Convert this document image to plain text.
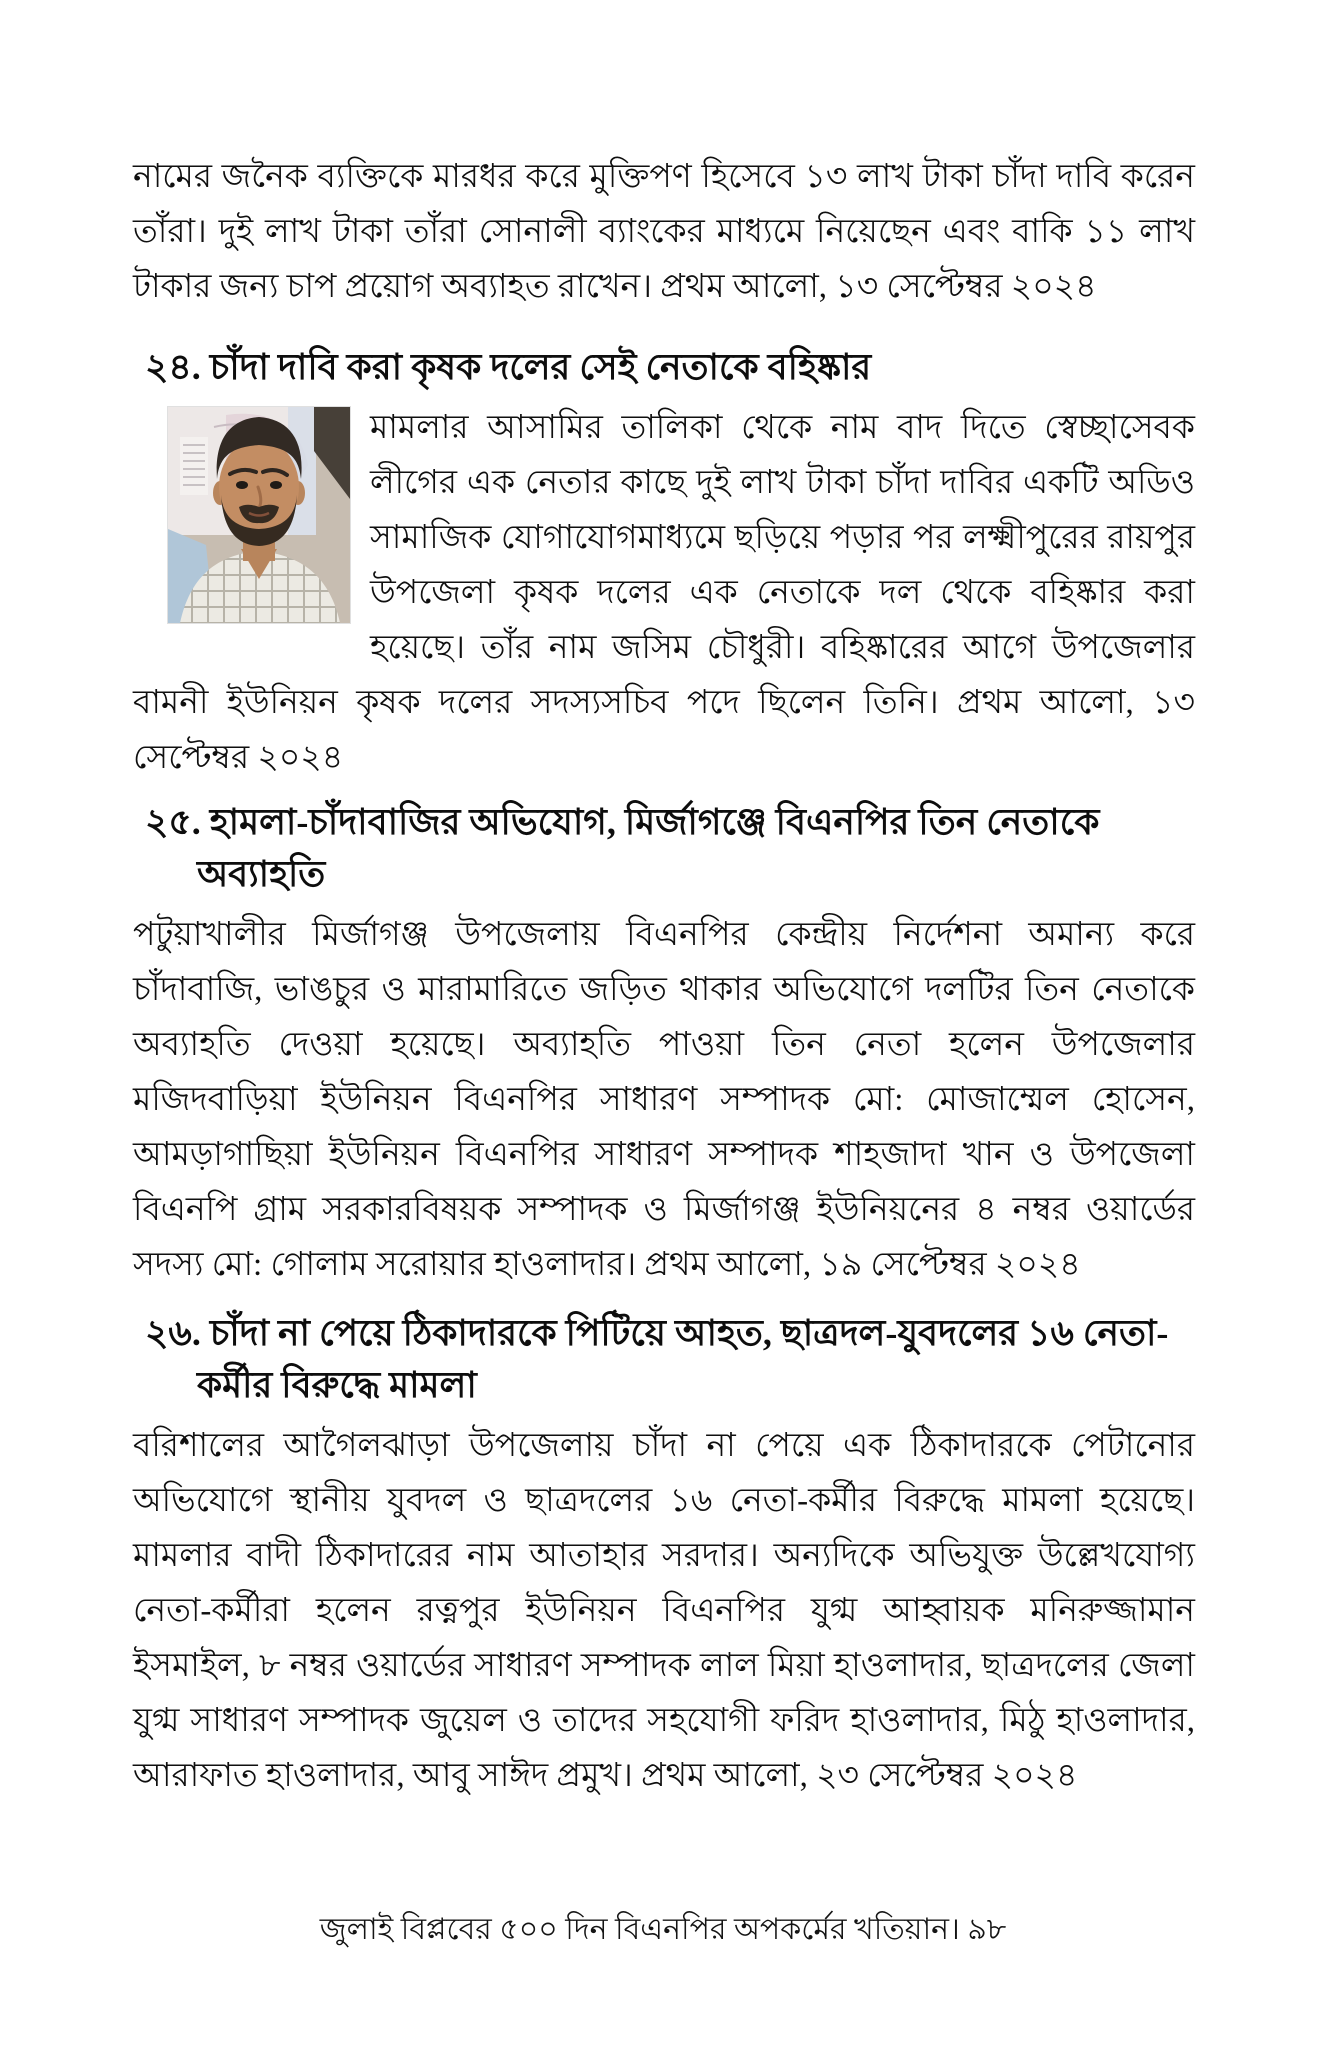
নামের জনৈক ব্যক্তিকে মারধর করে মুক্তিপণ হিসেবে ১৩ লাখ টাকা চাঁদা দাবি করেন তাঁরা। দুই লাখ টাকা তাঁরা সোনালী ব্যাংকের মাধ্যমে নিয়েছেন এবং বাকি ১১ লাখ টাকার জন্য চাপ প্রয়োগ অব্যাহত রাখেন। প্রথম আলো, ১৩ সেপ্টেম্বর ২০২৪

২৪. চাঁদা দাবি করা কৃষক দলের সেই নেতাকে বহিষ্কার
মামলার আসামির তালিকা থেকে নাম বাদ দিতে স্বেচ্ছাসেবক লীগের এক নেতার কাছে দুই লাখ টাকা চাঁদা দাবির একটি অডিও সামাজিক যোগাযোগমাধ্যমে ছড়িয়ে পড়ার পর লক্ষ্মীপুরের রায়পুর উপজেলা কৃষক দলের এক নেতাকে দল থেকে বহিষ্কার করা হয়েছে। তাঁর নাম জসিম চৌধুরী। বহিষ্কারের আগে উপজেলার বামনী ইউনিয়ন কৃষক দলের সদস্যসচিব পদে ছিলেন তিনি। প্রথম আলো, ১৩ সেপ্টেম্বর ২০২৪
২৫. হামলা-চাঁদাবাজির অভিযোগ, মির্জাগঞ্জে বিএনপির তিন নেতাকে অব্যাহতি
পটুয়াখালীর মির্জাগঞ্জ উপজেলায় বিএনপির কেন্দ্রীয় নির্দেশনা অমান্য করে চাঁদাবাজি, ভাঙচুর ও মারামারিতে জড়িত থাকার অভিযোগে দলটির তিন নেতাকে অব্যাহতি দেওয়া হয়েছে। অব্যাহতি পাওয়া তিন নেতা হলেন উপজেলার মজিদবাড়িয়া ইউনিয়ন বিএনপির সাধারণ সম্পাদক মো: মোজাম্মেল হোসেন, আমড়াগাছিয়া ইউনিয়ন বিএনপির সাধারণ সম্পাদক শাহজাদা খান ও উপজেলা বিএনপি গ্রাম সরকারবিষয়ক সম্পাদক ও মির্জাগঞ্জ ইউনিয়নের ৪ নম্বর ওয়ার্ডের সদস্য মো: গোলাম সরোয়ার হাওলাদার। প্রথম আলো, ১৯ সেপ্টেম্বর ২০২৪
২৬. চাঁদা না পেয়ে ঠিকাদারকে পিটিয়ে আহত, ছাত্রদল-যুবদলের ১৬ নেতা-কর্মীর বিরুদ্ধে মামলা
বরিশালের আগৈলঝাড়া উপজেলায় চাঁদা না পেয়ে এক ঠিকাদারকে পেটানোর অভিযোগে স্থানীয় যুবদল ও ছাত্রদলের ১৬ নেতা-কর্মীর বিরুদ্ধে মামলা হয়েছে।মামলার বাদী ঠিকাদারের নাম আতাহার সরদার। অন্যদিকে অভিযুক্ত উল্লেখযোগ্য নেতা-কর্মীরা হলেন রত্নপুর ইউনিয়ন বিএনপির যুগ্ম আহ্বায়ক মনিরুজ্জামান ইসমাইল, ৮ নম্বর ওয়ার্ডের সাধারণ সম্পাদক লাল মিয়া হাওলাদার, ছাত্রদলের জেলা যুগ্ম সাধারণ সম্পাদক জুয়েল ও তাদের সহযোগী ফরিদ হাওলাদার, মিঠু হাওলাদার, আরাফাত হাওলাদার, আবু সাঈদ প্রমুখ। প্রথম আলো, ২৩ সেপ্টেম্বর ২০২৪
জুলাই বিপ্লবের ৫০০ দিন বিএনপির অপকর্মের খতিয়ান। ৯৮
